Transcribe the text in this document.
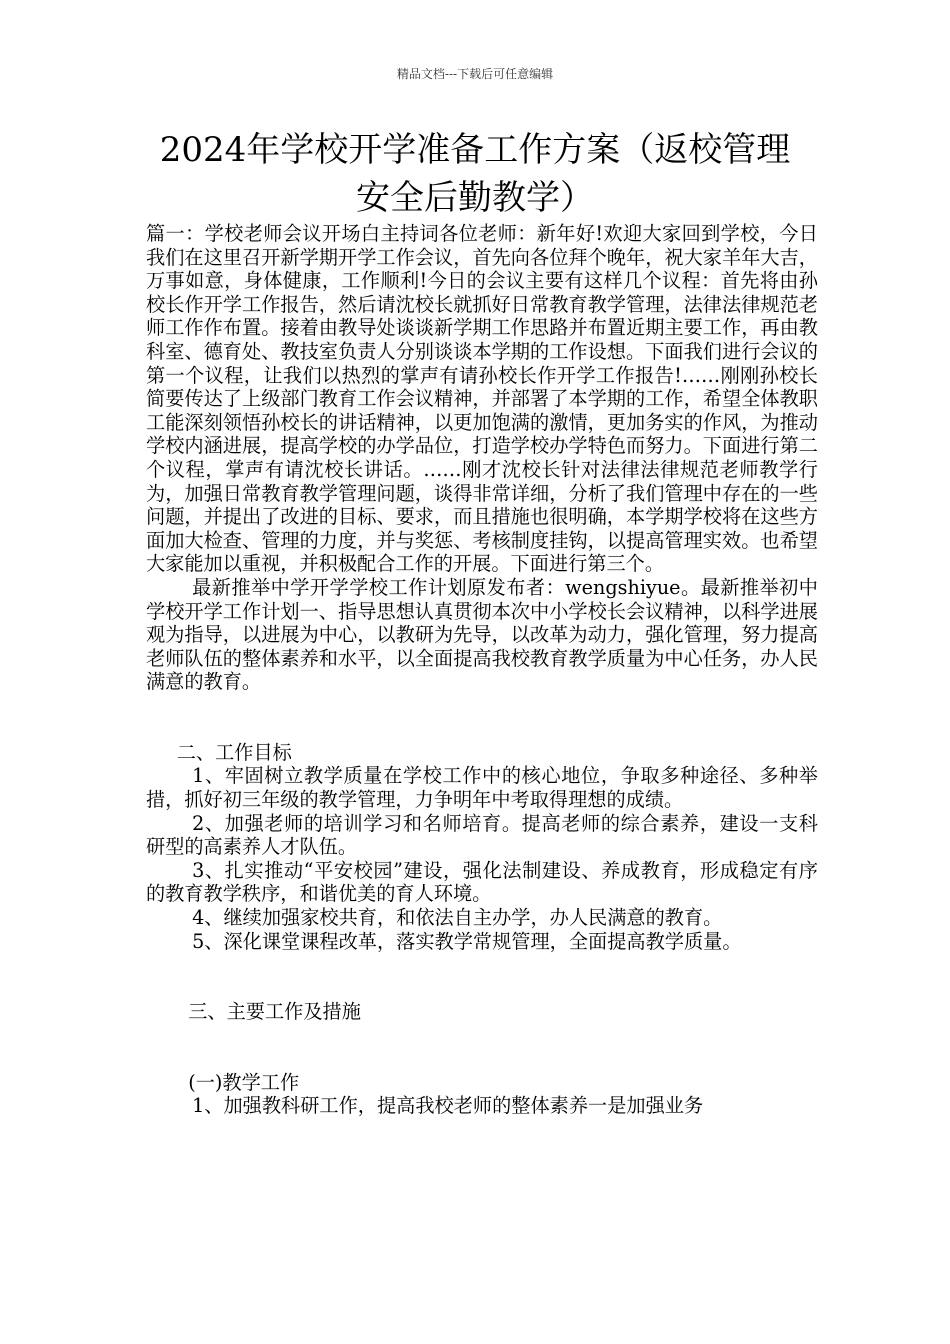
精品文档---下载后可任意编辑
2024年学校开学准备工作方案（返校管理
安全后勤教学）

篇一：学校老师会议开场白主持词各位老师：新年好!欢迎大家回到学校，今日我们在这里召开新学期开学工作会议，首先向各位拜个晚年，祝大家羊年大吉，万事如意，身体健康，工作顺利!今日的会议主要有这样几个议程：首先将由孙校长作开学工作报告，然后请沈校长就抓好日常教育教学管理，法律法律规范老师工作作布置。接着由教导处谈谈新学期工作思路并布置近期主要工作，再由教科室、德育处、教技室负责人分别谈谈本学期的工作设想。下面我们进行会议的第一个议程，让我们以热烈的掌声有请孙校长作开学工作报告!……刚刚孙校长简要传达了上级部门教育工作会议精神，并部署了本学期的工作，希望全体教职工能深刻领悟孙校长的讲话精神，以更加饱满的激情，更加务实的作风，为推动学校内涵进展，提高学校的办学品位，打造学校办学特色而努力。下面进行第二个议程，掌声有请沈校长讲话。……刚才沈校长针对法律法律规范老师教学行为，加强日常教育教学管理问题，谈得非常详细，分析了我们管理中存在的一些问题，并提出了改进的目标、要求，而且措施也很明确，本学期学校将在这些方面加大检查、管理的力度，并与奖惩、考核制度挂钩，以提高管理实效。也希望大家能加以重视，并积极配合工作的开展。下面进行第三个。

最新推举中学开学学校工作计划原发布者：wengshiyue。最新推举初中学校开学工作计划一、指导思想认真贯彻本次中小学校长会议精神，以科学进展观为指导，以进展为中心，以教研为先导，以改革为动力，强化管理，努力提高老师队伍的整体素养和水平，以全面提高我校教育教学质量为中心任务，办人民满意的教育。

二、工作目标

1、牢固树立教学质量在学校工作中的核心地位，争取多种途径、多种举措，抓好初三年级的教学管理，力争明年中考取得理想的成绩。

2、加强老师的培训学习和名师培育。提高老师的综合素养，建设一支科研型的高素养人才队伍。

3、扎实推动“平安校园”建设，强化法制建设、养成教育，形成稳定有序的教育教学秩序，和谐优美的育人环境。

4、继续加强家校共育，和依法自主办学，办人民满意的教育。

5、深化课堂课程改革，落实教学常规管理，全面提高教学质量。

三、主要工作及措施

(一)教学工作

1、加强教科研工作，提高我校老师的整体素养一是加强业务
